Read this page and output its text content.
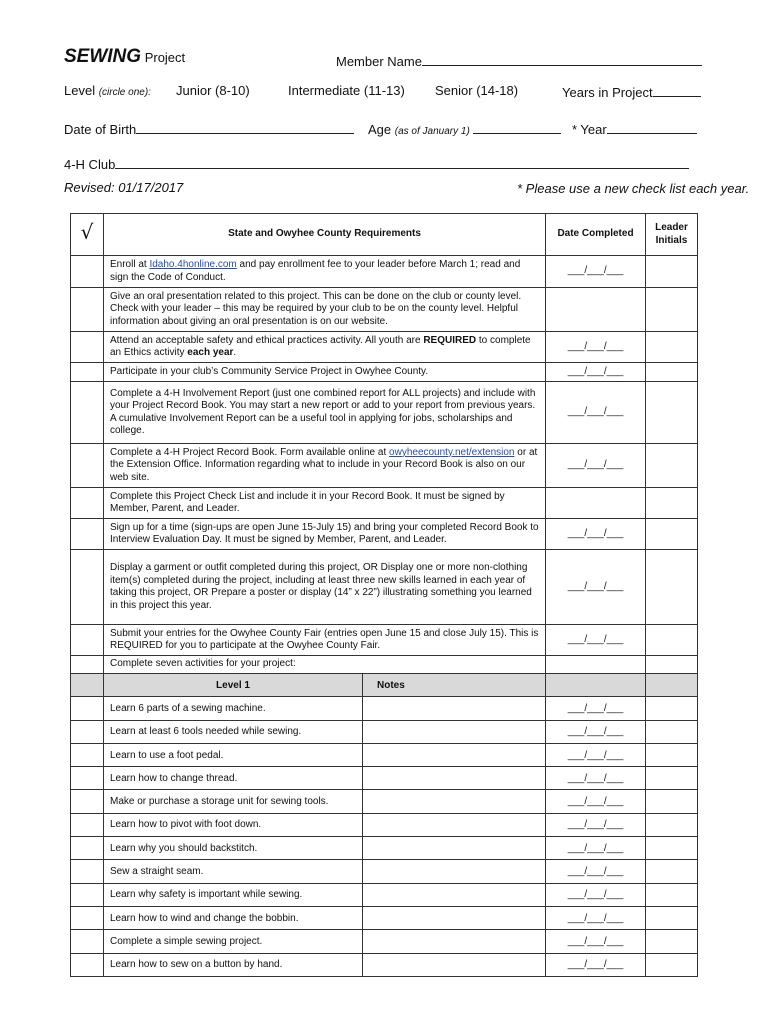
SEWING Project	Member Name
Level (circle one): Junior (8-10)	Intermediate (11-13) Senior (14-18)	Years in Project
Date of Birth	Age (as of January 1)	* Year
4-H Club
Revised: 01/17/2017	* Please use a new check list each year.
√	State and Owyhee County Requirements	Date Completed	Leader Initials
	Enroll at Idaho.4honline.com and pay enrollment fee to your leader before March 1; read and sign the Code of Conduct.	___/___/___	
	Give an oral presentation related to this project. This can be done on the club or county level. Check with your leader – this may be required by your club to be on the county level. Helpful information about giving an oral presentation is on our website.		
	Attend an acceptable safety and ethical practices activity. All youth are REQUIRED to complete an Ethics activity each year.	___/___/___	
	Participate in your club’s Community Service Project in Owyhee County.	___/___/___	
	Complete a 4-H Involvement Report (just one combined report for ALL projects) and include with your Project Record Book. You may start a new report or add to your report from previous years. A cumulative Involvement Report can be a useful tool in applying for jobs, scholarships and college.	___/___/___	
	Complete a 4-H Project Record Book. Form available online at owyheecounty.net/extension or at the Extension Office. Information regarding what to include in your Record Book is also on our web site.	___/___/___	
	Complete this Project Check List and include it in your Record Book. It must be signed by Member, Parent, and Leader.		
	Sign up for a time (sign-ups are open June 15-July 15) and bring your completed Record Book to Interview Evaluation Day. It must be signed by Member, Parent, and Leader.	___/___/___	
	Display a garment or outfit completed during this project, OR Display one or more non-clothing item(s) completed during the project, including at least three new skills learned in each year of taking this project, OR Prepare a poster or display (14” x 22”) illustrating something you learned in this project this year.	___/___/___	
	Submit your entries for the Owyhee County Fair (entries open June 15 and close July 15). This is REQUIRED for you to participate at the Owyhee County Fair.	___/___/___	
	Complete seven activities for your project:		
	Level 1	Notes		
	Learn 6 parts of a sewing machine.		___/___/___	
	Learn at least 6 tools needed while sewing.		___/___/___	
	Learn to use a foot pedal.		___/___/___	
	Learn how to change thread.		___/___/___	
	Make or purchase a storage unit for sewing tools.		___/___/___	
	Learn how to pivot with foot down.		___/___/___	
	Learn why you should backstitch.		___/___/___	
	Sew a straight seam.		___/___/___	
	Learn why safety is important while sewing.		___/___/___	
	Learn how to wind and change the bobbin.		___/___/___	
	Complete a simple sewing project.		___/___/___	
	Learn how to sew on a button by hand.		___/___/___	
